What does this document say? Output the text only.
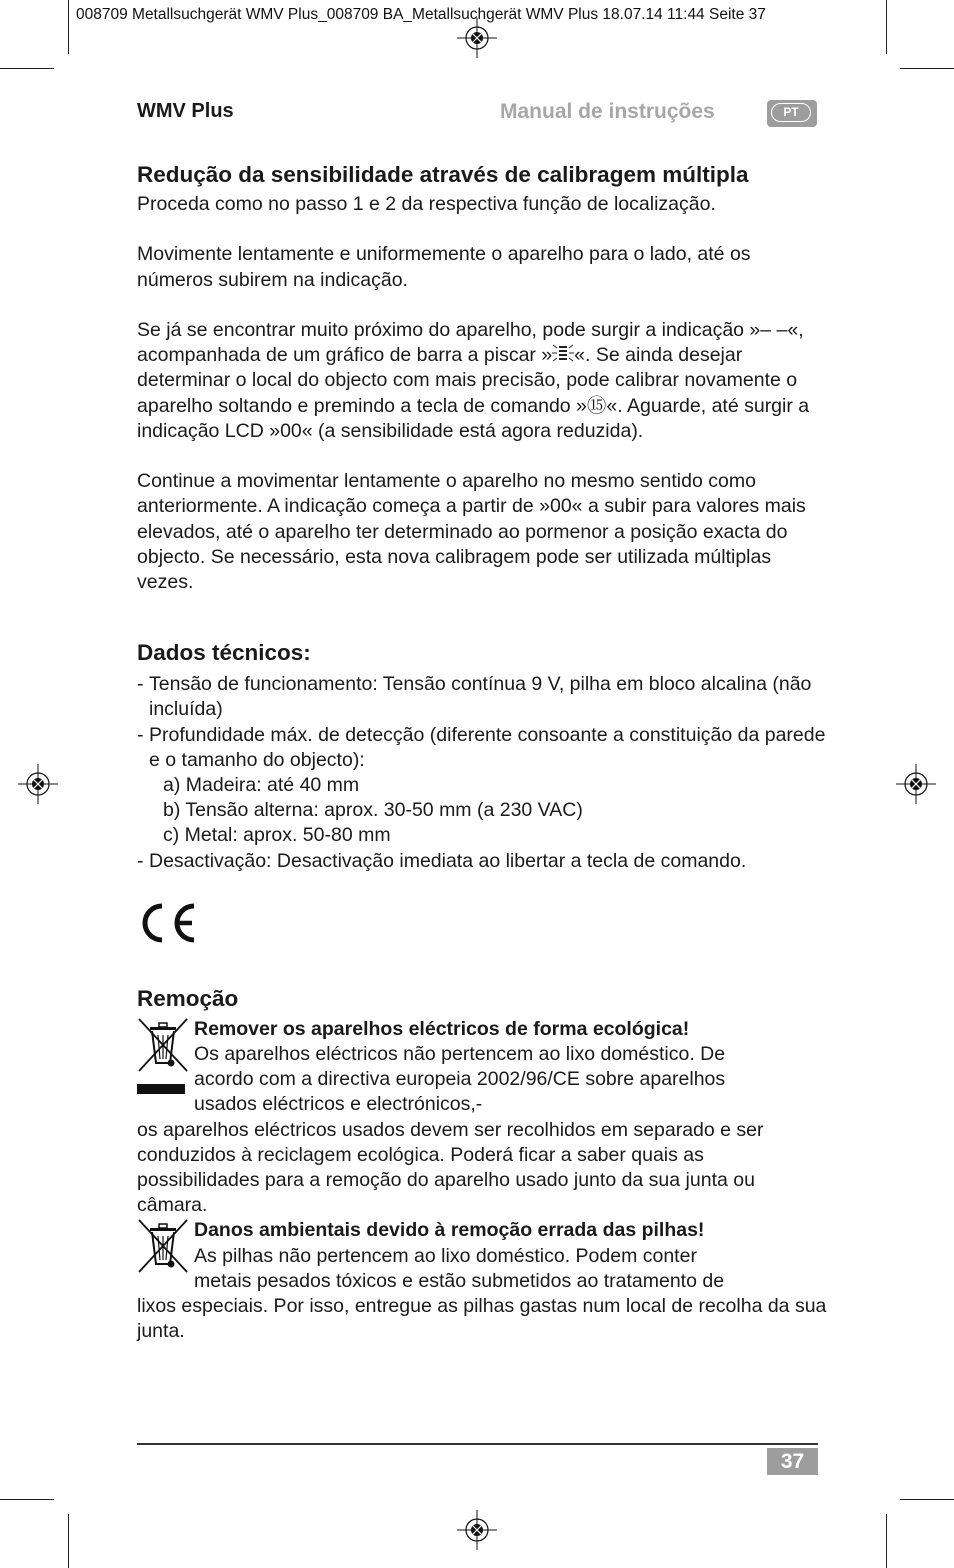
008709 Metallsuchgerät WMV Plus_008709 BA_Metallsuchgerät WMV Plus 18.07.14 11:44 Seite 37
WMV Plus	Manual de instruções	PT
Redução da sensibilidade através de calibragem múltipla

Proceda como no passo 1 e 2 da respectiva função de localização.

Movimente lentamente e uniformemente o aparelho para o lado, até os números subirem na indicação.

Se já se encontrar muito próximo do aparelho, pode surgir a indicação »– –«, acompanhada de um gráfico de barra a piscar » «. Se ainda desejar determinar o local do objecto com mais precisão, pode calibrar novamente o aparelho soltando e premindo a tecla de comando »⑮«. Aguarde, até surgir a indicação LCD »00« (a sensibilidade está agora reduzida).

Continue a movimentar lentamente o aparelho no mesmo sentido como anteriormente. A indicação começa a partir de »00« a subir para valores mais elevados, até o aparelho ter determinado ao pormenor a posição exacta do objecto. Se necessário, esta nova calibragem pode ser utilizada múltiplas vezes.

Dados técnicos:
- Tensão de funcionamento: Tensão contínua 9 V, pilha em bloco alcalina (não incluída)
- Profundidade máx. de detecção (diferente consoante a constituição da parede e o tamanho do objecto):
a) Madeira: até 40 mm
b) Tensão alterna: aprox. 30-50 mm (a 230 VAC)
c) Metal: aprox. 50-80 mm
- Desactivação: Desactivação imediata ao libertar a tecla de comando.
Remoção
Remover os aparelhos eléctricos de forma ecológica!
Os aparelhos eléctricos não pertencem ao lixo doméstico. De
acordo com a directiva europeia 2002/96/CE sobre aparelhos
usados eléctricos e electrónicos,-

os aparelhos eléctricos usados devem ser recolhidos em separado e ser conduzidos à reciclagem ecológica. Poderá ficar a saber quais as possibilidades para a remoção do aparelho usado junto da sua junta ou câmara.

Danos ambientais devido à remoção errada das pilhas!
As pilhas não pertencem ao lixo doméstico. Podem conter
metais pesados tóxicos e estão submetidos ao tratamento de

lixos especiais. Por isso, entregue as pilhas gastas num local de recolha da sua junta.

37
